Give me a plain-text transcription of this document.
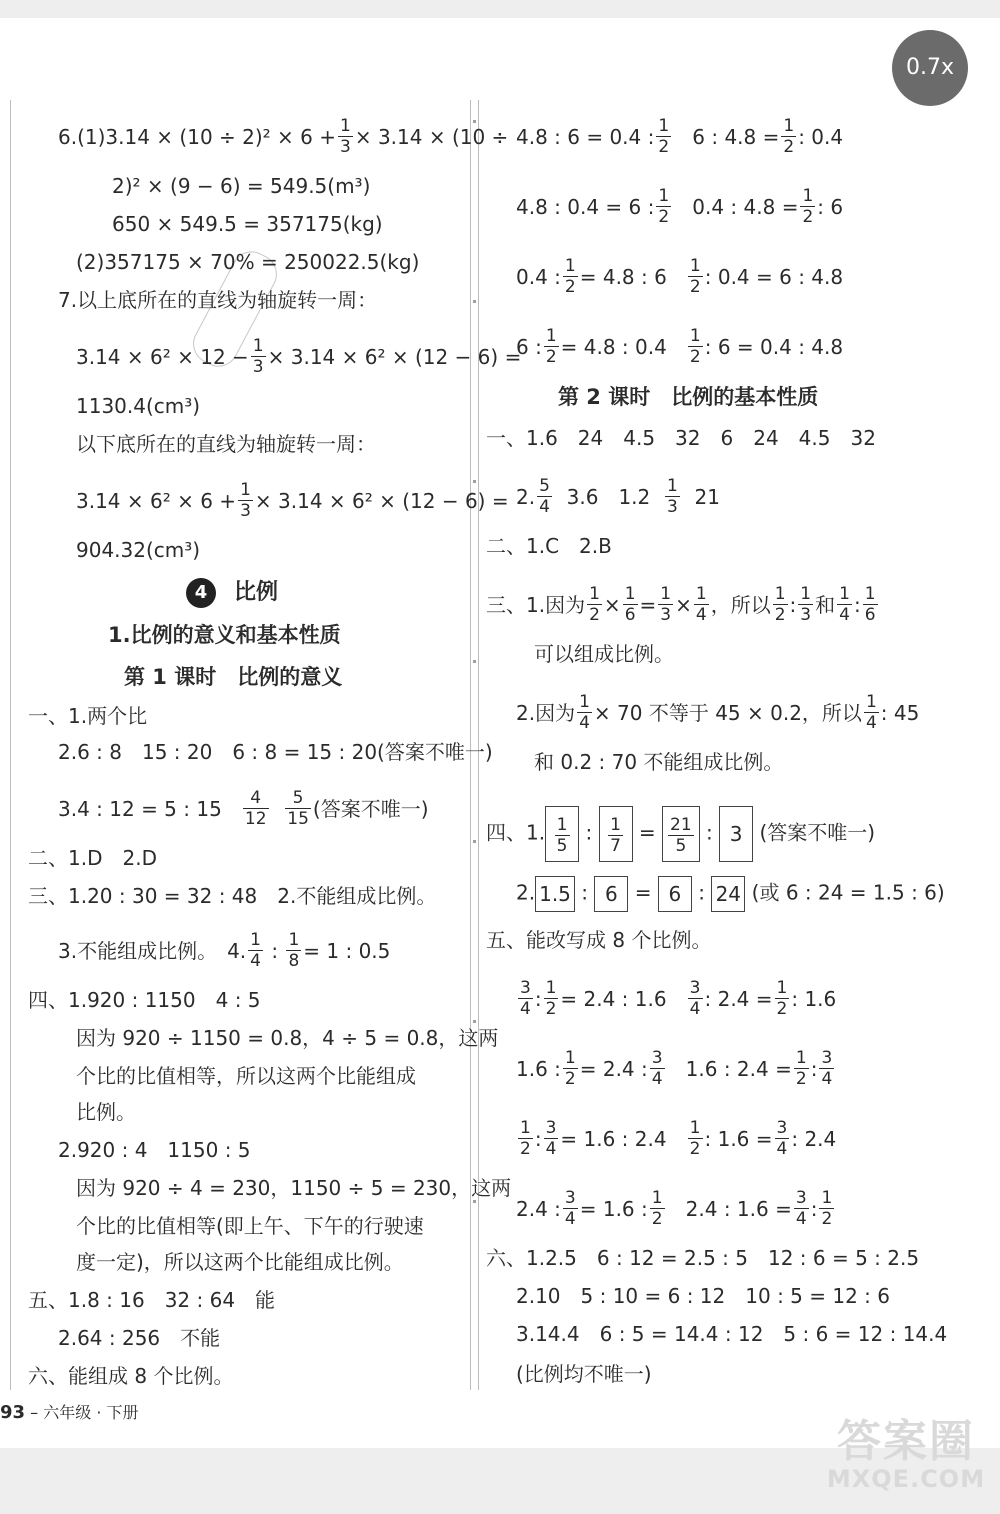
0.7x
$6.(1)3.14 \times (10 \div 2)^2 \times 6 + \frac{1}{3} \times 3.14 \times (10$ ÷
2)² × (9 − 6) = 549.5(m³)
650 × 549.5 = 357175(kg)
(2)357175 × 70% = 250022.5(kg)
7.以上底所在的直线为轴旋转一周：
$3.14 \times 6^2 \times 12 - \frac{1}{3} \times 3.14 \times 6^2 \times (12 - 6)$ =
1130.4(cm³)
以下底所在的直线为轴旋转一周：
$3.14 \times 6^2 \times 6 + \frac{1}{3} \times 3.14 \times 6^2 \times (12 - 6)$ =
904.32(cm³)
4 比例
1.比例的意义和基本性质
第 1 课时　比例的意义
一、1.两个比
2.6 : 8　15 : 20　6 : 8 = 15 : 20(答案不唯一)
3.4 : 12 = 5 : $15 \frac{4}{12}$
$\frac{5}{15}$ (答案不唯一)
二、1.D　2.D
三、1.20 : 30 = 32 : 48　2.不能组成比例。
3.不能组成比例。　4. $\frac{1}{4}$ : $\frac{1}{8} = 1$ : 0.5
四、1.920 : 1150　4 : 5
因为 920 ÷ 1150 = 0.8，4 ÷ 5 = 0.8，这两
个比的比值相等，所以这两个比能组成
比例。
2.920 : 4　1150 : 5
因为 920 ÷ 4 = 230，1150 ÷ 5 = 230，这两
个比的比值相等(即上午、下午的行驶速
度一定)，所以这两个比能组成比例。
五、1.8 : 16　32 : 64　能
2.64 : 256　不能
六、能组成 8 个比例。
4.8 : 6 = 0.4 : $\frac{1}{2} 6$ : $4.8 = \frac{1}{2}$ : 0.4
4.8 : 0.4 = 6 : $\frac{1}{2} 0.4$ : $4.8 = \frac{1}{2}$ : 6
0.4 : $\frac{1}{2} = 4.8$ : $6 \frac{1}{2}$ : 0.4 = 6 : 4.8
6 : $\frac{1}{2} = 4.8$ : $0.4 \frac{1}{2}$ : 6 = 0.4 : 4.8
第 2 课时　比例的基本性质
一、1.6　24　4.5　32　6　24　4.5　32
2. $\frac{5}{4} 3.6$　$1.2 \frac{1}{3} 21$
二、1.C　2.B
三、1.因为 $\frac{1}{2} \times \frac{1}{6} = \frac{1}{3} \times \frac{1}{4}$ ，所以 $\frac{1}{2}$ : $\frac{1}{3}$ 和 $\frac{1}{4}$ : $\frac{1}{6}$
可以组成比例。
2.因为 $\frac{1}{4} \times 70$ 不等于 45 × 0.2，所以 $\frac{1}{4}$ : 45
和 0.2 : 70 不能组成比例。
四、1. $\frac{1}{5}$ : $\frac{1}{7} = \frac{21}{5}$ : 3 (答案不唯一)
2. 1.5 : 6 = 6 : 24 (或 6 : 24 = 1.5 : 6)
五、能改写成 8 个比例。
$\frac{3}{4}$ : $\frac{1}{2} = 2.4$ : $1.6 \frac{3}{4}$ : $2.4 = \frac{1}{2}$ : 1.6
1.6 : $\frac{1}{2} = 2.4$ : $\frac{3}{4} 1.6$ : $2.4 = \frac{1}{2}$ : $\frac{3}{4}$
$\frac{1}{2}$ : $\frac{3}{4} = 1.6$ : $2.4 \frac{1}{2}$ : $1.6 = \frac{3}{4}$ : 2.4
2.4 : $\frac{3}{4} = 1.6$ : $\frac{1}{2} 2.4$ : $1.6 = \frac{3}{4}$ : $\frac{1}{2}$
六、1.2.5　6 : 12 = 2.5 : 5　12 : 6 = 5 : 2.5
2.10　5 : 10 = 6 : 12　10 : 5 = 12 : 6
3.14.4　6 : 5 = 14.4 : 12　5 : 6 = 12 : 14.4
(比例均不唯一)
93 – 六年级 · 下册
答案圈
MXQE.COM
